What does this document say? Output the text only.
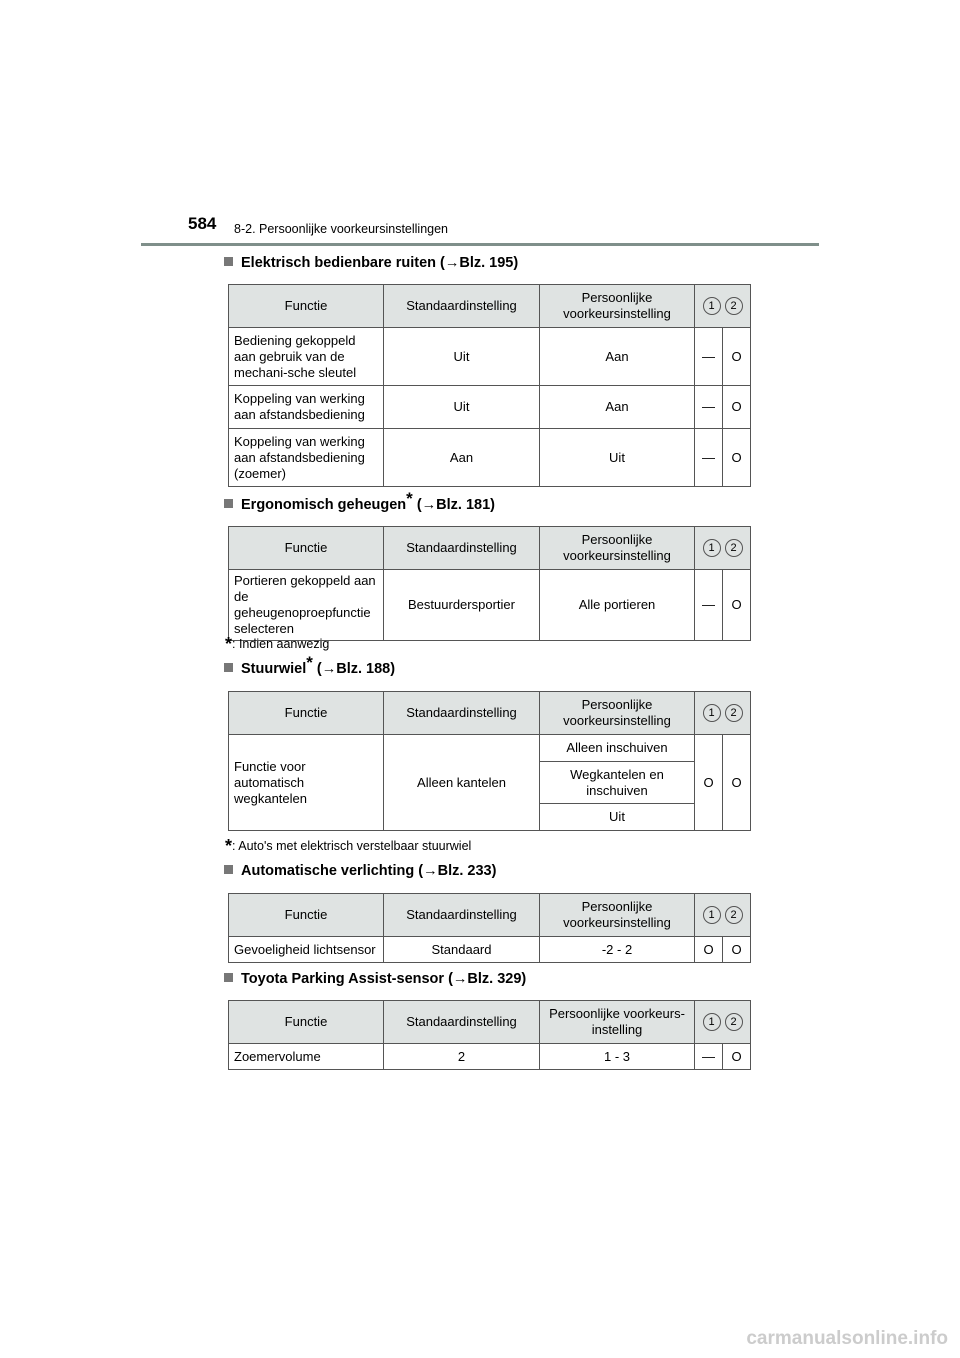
584 8-2. Persoonlijke voorkeursinstellingen
Elektrisch bedienbare ruiten (→Blz. 195)
Functie	Standaardinstelling	Persoonlijke voorkeursinstelling	1 2	
Bediening gekoppeld aan gebruik van de mechani-sche sleutel	Uit	Aan	—	O
Koppeling van werking aan afstandsbediening	Uit	Aan	—	O
Koppeling van werking aan afstandsbediening (zoemer)	Aan	Uit	—	O
Ergonomisch geheugen* (→Blz. 181)
Functie	Standaardinstelling	Persoonlijke voorkeursinstelling	1 2	
Portieren gekoppeld aan de geheugenoproepfunctie selecteren	Bestuurdersportier	Alle portieren	—	O
*: Indien aanwezig
Stuurwiel* (→Blz. 188)
Functie	Standaardinstelling	Persoonlijke voorkeursinstelling	1 2	
Functie voor automatisch wegkantelen	Alleen kantelen	Alleen inschuiven	O	O
		Wegkantelen en inschuiven		
		Uit		
*: Auto's met elektrisch verstelbaar stuurwiel
Automatische verlichting (→Blz. 233)
Functie	Standaardinstelling	Persoonlijke voorkeursinstelling	1 2	
Gevoeligheid lichtsensor	Standaard	-2 - 2	O	O
Toyota Parking Assist-sensor (→Blz. 329)
Functie	Standaardinstelling	Persoonlijke voorkeurs-instelling	1 2	
Zoemervolume	2	1 - 3	—	O
carmanualsonline.info
